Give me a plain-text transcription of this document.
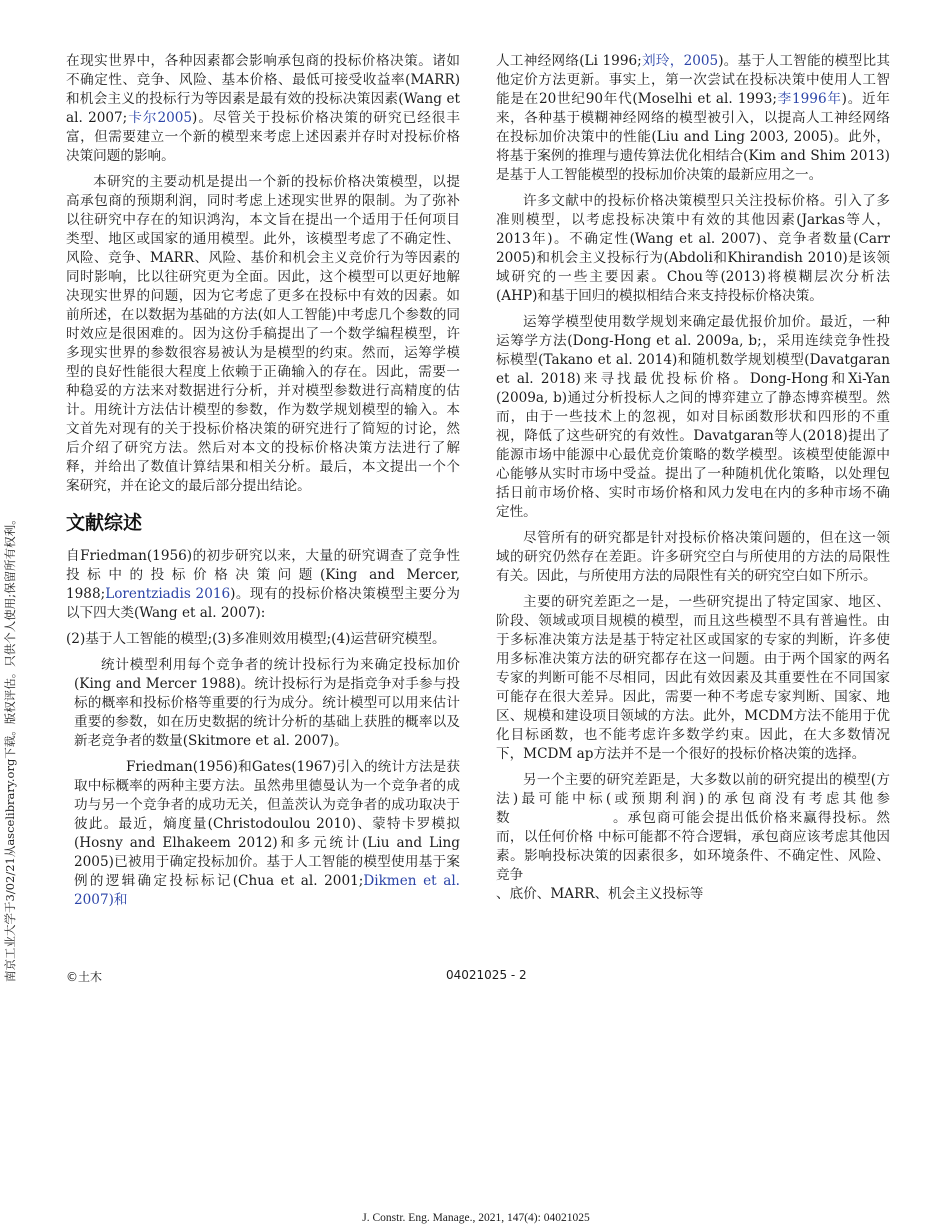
南京工业大学于3/02/21从ascelibrary.org下载。版权评估。只供个人使用;保留所有权利。

在现实世界中，各种因素都会影响承包商的投标价格决策。诸如不确定性、竞争、风险、基本价格、最低可接受收益率(MARR)和机会主义的投标行为等因素是最有效的投标决策因素(Wang et al. 2007;卡尔2005)。尽管关于投标价格决策的研究已经很丰富，但需要建立一个新的模型来考虑上述因素并存时对投标价格决策问题的影响。

本研究的主要动机是提出一个新的投标价格决策模型，以提高承包商的预期利润，同时考虑上述现实世界的限制。为了弥补以往研究中存在的知识鸿沟，本文旨在提出一个适用于任何项目类型、地区或国家的通用模型。此外，该模型考虑了不确定性、风险、竞争、MARR、风险、基价和机会主义竞价行为等因素的同时影响，比以往研究更为全面。因此，这个模型可以更好地解决现实世界的问题，因为它考虑了更多在投标中有效的因素。如前所述，在以数据为基础的方法(如人工智能)中考虑几个参数的同时效应是很困难的。因为这份手稿提出了一个数学编程模型，许多现实世界的参数很容易被认为是模型的约束。然而，运筹学模型的良好性能很大程度上依赖于正确输入的存在。因此，需要一种稳妥的方法来对数据进行分析，并对模型参数进行高精度的估计。用统计方法估计模型的参数，作为数学规划模型的输入。本文首先对现有的关于投标价格决策的研究进行了简短的讨论，然后介绍了研究方法。然后对本文的投标价格决策方法进行了解释，并给出了数值计算结果和相关分析。最后，本文提出一个个案研究，并在论文的最后部分提出结论。

文献综述

自Friedman(1956)的初步研究以来，大量的研究调查了竞争性投标中的投标价格决策问题(King and Mercer, 1988;Lorentziadis 2016)。现有的投标价格决策模型主要分为以下四大类(Wang et al. 2007):

(2)基于人工智能的模型;(3)多准则效用模型;(4)运营研究模型。

统计模型利用每个竞争者的统计投标行为来确定投标加价(King and Mercer 1988)。统计投标行为是指竞争对手参与投标的概率和投标价格等重要的行为成分。统计模型可以用来估计重要的参数，如在历史数据的统计分析的基础上获胜的概率以及新老竞争者的数量(Skitmore et al. 2007)。

Friedman(1956)和Gates(1967)引入的统计方法是获取中标概率的两种主要方法。虽然弗里德曼认为一个竞争者的成功与另一个竞争者的成功无关，但盖茨认为竞争者的成功取决于彼此。最近，熵度量(Christodoulou 2010)、蒙特卡罗模拟(Hosny and Elhakeem 2012)和多元统计(Liu and Ling 2005)已被用于确定投标加价。基于人工智能的模型使用基于案例的逻辑确定投标标记(Chua et al. 2001;Dikmen et al. 2007)和

人工神经网络(Li 1996;刘玲，2005)。基于人工智能的模型比其他定价方法更新。事实上，第一次尝试在投标决策中使用人工智能是在20世纪90年代(Moselhi et al. 1993;李1996年)。近年来，各种基于模糊神经网络的模型被引入，以提高人工神经网络在投标加价决策中的性能(Liu and Ling 2003, 2005)。此外，将基于案例的推理与遗传算法优化相结合(Kim and Shim 2013)是基于人工智能模型的投标加价决策的最新应用之一。

许多文献中的投标价格决策模型只关注投标价格。引入了多准则模型，以考虑投标决策中有效的其他因素(Jarkas等人，2013年)。不确定性(Wang et al. 2007)、竞争者数量(Carr 2005)和机会主义投标行为(Abdoli和Khirandish 2010)是该领域研究的一些主要因素。Chou等(2013)将模糊层次分析法(AHP)和基于回归的模拟相结合来支持投标价格决策。

运筹学模型使用数学规划来确定最优报价加价。最近，一种运筹学方法(Dong-Hong et al. 2009a, b;，采用连续竞争性投标模型(Takano et al. 2014)和随机数学规划模型(Davatgaran et al. 2018)来寻找最优投标价格。Dong-Hong和Xi-Yan (2009a, b)通过分析投标人之间的博弈建立了静态博弈模型。然而，由于一些技术上的忽视，如对目标函数形状和四形的不重视，降低了这些研究的有效性。Davatgaran等人(2018)提出了能源市场中能源中心最优竞价策略的数学模型。该模型使能源中心能够从实时市场中受益。提出了一种随机优化策略，以处理包括日前市场价格、实时市场价格和风力发电在内的多种市场不确定性。

尽管所有的研究都是针对投标价格决策问题的，但在这一领域的研究仍然存在差距。许多研究空白与所使用的方法的局限性有关。因此，与所使用方法的局限性有关的研究空白如下所示。

主要的研究差距之一是，一些研究提出了特定国家、地区、阶段、领域或项目规模的模型，而且这些模型不具有普遍性。由于多标准决策方法是基于特定社区或国家的专家的判断，许多使用多标准决策方法的研究都存在这一问题。由于两个国家的两名专家的判断可能不尽相同，因此有效因素及其重要性在不同国家可能存在很大差异。因此，需要一种不考虑专家判断、国家、地区、规模和建设项目领域的方法。此外，MCDM方法不能用于优化目标函数，也不能考虑许多数学约束。因此，在大多数情况下，MCDM ap方法并不是一个很好的投标价格决策的选择。

另一个主要的研究差距是，大多数以前的研究提出的模型(方法)最可能中标(或预期利润)的承包商没有考虑其他参数　　　　　　　。承包商可能会提出低价格来赢得投标。然而，以任何价格 中标可能都不符合逻辑，承包商应该考虑其他因素。影响投标决策的因素很多，如环境条件、不确定性、风险、竞争

、底价、MARR、机会主义投标等

©土木	04021025 - 2
J. Constr. Eng. Manage., 2021, 147(4): 04021025
